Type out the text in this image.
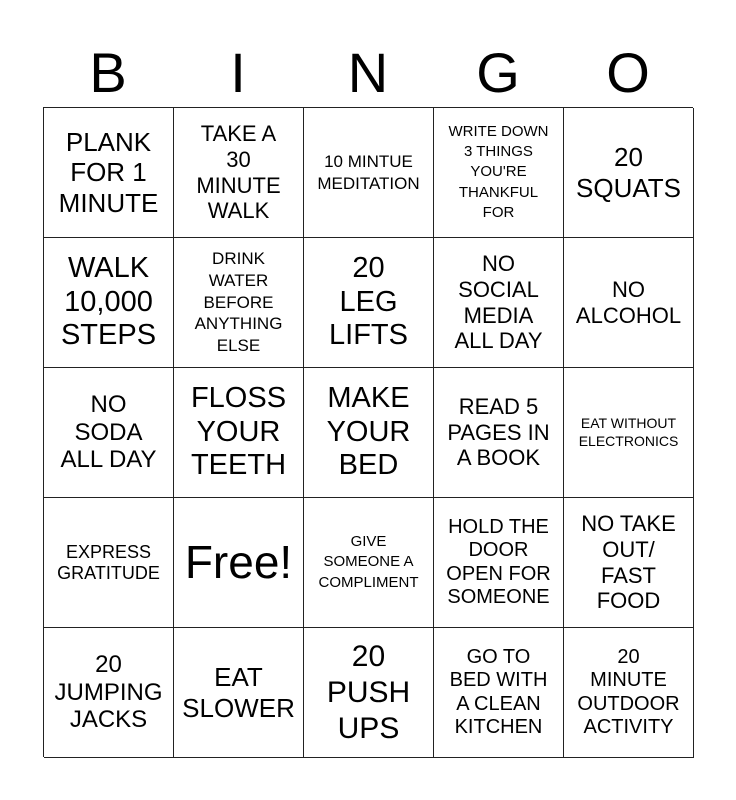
B	I	N	G	O
PLANK
FOR 1
MINUTE
TAKE A
30
MINUTE
WALK
10 MINTUE
MEDITATION
WRITE DOWN
3 THINGS
YOU'RE
THANKFUL
FOR
20
SQUATS
WALK
10,000
STEPS
DRINK
WATER
BEFORE
ANYTHING
ELSE
20
LEG
LIFTS
NO
SOCIAL
MEDIA
ALL DAY
NO
ALCOHOL
NO
SODA
ALL DAY
FLOSS
YOUR
TEETH
MAKE
YOUR
BED
READ 5
PAGES IN
A BOOK
EAT WITHOUT
ELECTRONICS
EXPRESS
GRATITUDE Free!	GIVE
SOMEONE A
COMPLIMENT
HOLD THE
DOOR
OPEN FOR
SOMEONE
NO TAKE
OUT/
FAST
FOOD
20
JUMPING
JACKS
EAT
SLOWER
20
PUSH
UPS
GO TO
BED WITH
A CLEAN
KITCHEN
20
MINUTE
OUTDOOR
ACTIVITY
